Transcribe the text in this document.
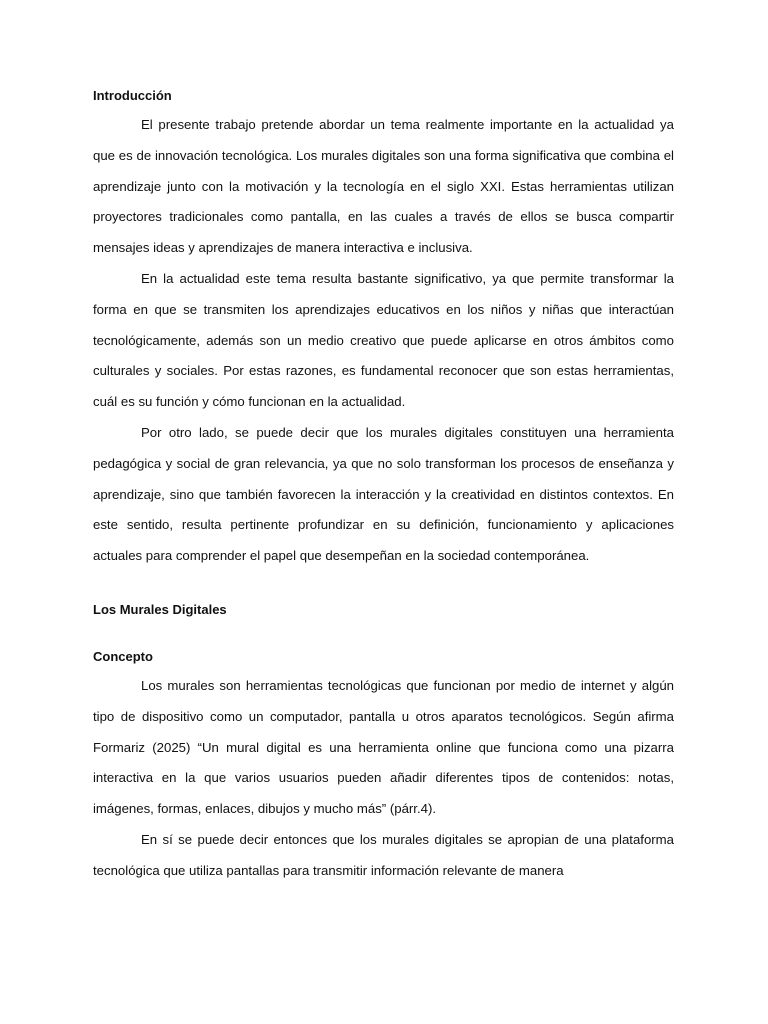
Introducción

El presente trabajo pretende abordar un tema realmente importante en la actualidad ya que es de innovación tecnológica. Los murales digitales son una forma significativa que combina el aprendizaje junto con la motivación y la tecnología en el siglo XXI. Estas herramientas utilizan proyectores tradicionales como pantalla, en las cuales a través de ellos se busca compartir mensajes ideas y aprendizajes de manera interactiva e inclusiva.

En la actualidad este tema resulta bastante significativo, ya que permite transformar la forma en que se transmiten los aprendizajes educativos en los niños y niñas que interactúan tecnológicamente, además son un medio creativo que puede aplicarse en otros ámbitos como culturales y sociales. Por estas razones, es fundamental reconocer que son estas herramientas, cuál es su función y cómo funcionan en la actualidad.

Por otro lado, se puede decir que los murales digitales constituyen una herramienta pedagógica y social de gran relevancia, ya que no solo transforman los procesos de enseñanza y aprendizaje, sino que también favorecen la interacción y la creatividad en distintos contextos. En este sentido, resulta pertinente profundizar en su definición, funcionamiento y aplicaciones actuales para comprender el papel que desempeñan en la sociedad contemporánea.

Los Murales Digitales

Concepto

Los murales son herramientas tecnológicas que funcionan por medio de internet y algún tipo de dispositivo como un computador, pantalla u otros aparatos tecnológicos. Según afirma Formariz (2025) “Un mural digital es una herramienta online que funciona como una pizarra interactiva en la que varios usuarios pueden añadir diferentes tipos de contenidos: notas, imágenes, formas, enlaces, dibujos y mucho más” (párr.4).

En sí se puede decir entonces que los murales digitales se apropian de una plataforma tecnológica que utiliza pantallas para transmitir información relevante de manera
